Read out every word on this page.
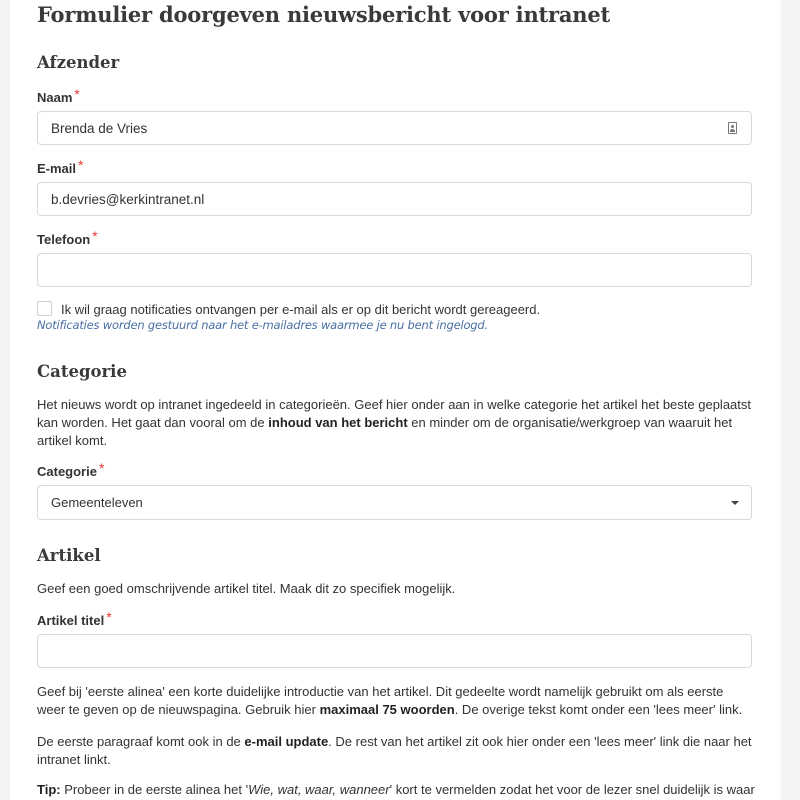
Formulier doorgeven nieuwsbericht voor intranet
Afzender
Naam *
Brenda de Vries
E-mail *
b.devries@kerkintranet.nl
Telefoon *
Ik wil graag notificaties ontvangen per e-mail als er op dit bericht wordt gereageerd.
Notificaties worden gestuurd naar het e-mailadres waarmee je nu bent ingelogd.
Categorie

Het nieuws wordt op intranet ingedeeld in categorieën. Geef hier onder aan in welke categorie het artikel het beste geplaatst kan worden. Het gaat dan vooral om de inhoud van het bericht en minder om de organisatie/werkgroep van waaruit het artikel komt.

Categorie *
Gemeenteleven
Artikel

Geef een goed omschrijvende artikel titel. Maak dit zo specifiek mogelijk.

Artikel titel *

Geef bij 'eerste alinea' een korte duidelijke introductie van het artikel. Dit gedeelte wordt namelijk gebruikt om als eerste weer te geven op de nieuwspagina. Gebruik hier maximaal 75 woorden. De overige tekst komt onder een 'lees meer' link.

De eerste paragraaf komt ook in de e-mail update. De rest van het artikel zit ook hier onder een 'lees meer' link die naar het intranet linkt.

Tip: Probeer in de eerste alinea het 'Wie, wat, waar, wanneer' kort te vermelden zodat het voor de lezer snel duidelijk is waar
